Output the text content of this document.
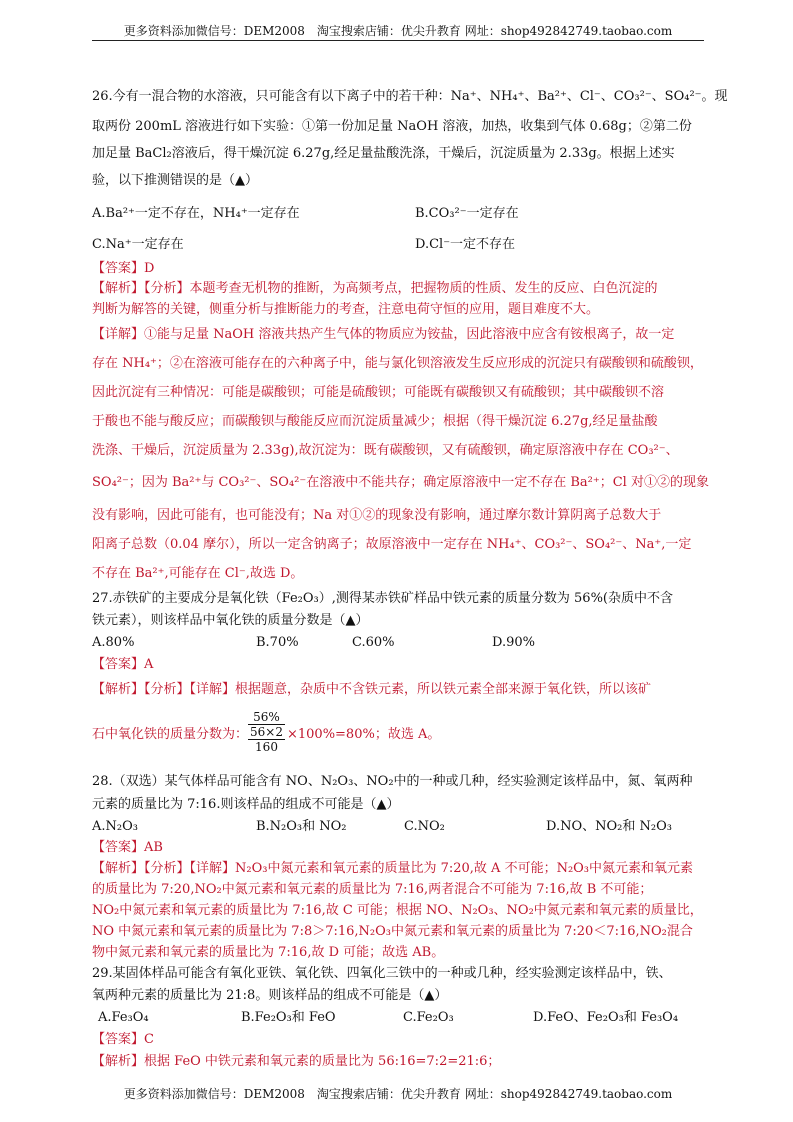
更多资料添加微信号：DEM2008　淘宝搜索店铺：优尖升教育 网址：shop492842749.taobao.com

26.今有一混合物的水溶液，只可能含有以下离子中的若干种：Na⁺、NH₄⁺、Ba²⁺、Cl⁻、CO₃²⁻、SO₄²⁻。现

取两份 200mL 溶液进行如下实验：①第一份加足量 NaOH 溶液，加热，收集到气体 0.68g；②第二份

加足量 BaCl₂溶液后，得干燥沉淀 6.27g,经足量盐酸洗涤，干燥后，沉淀质量为 2.33g。根据上述实

验，以下推测错误的是（▲）

A.Ba²⁺一定不存在，NH₄⁺一定存在	B.CO₃²⁻一定存在
C.Na⁺一定存在	D.Cl⁻一定不存在

【答案】D

【解析】【分析】本题考查无机物的推断，为高频考点，把握物质的性质、发生的反应、白色沉淀的

判断为解答的关键，侧重分析与推断能力的考查，注意电荷守恒的应用，题目难度不大。

【详解】①能与足量 NaOH 溶液共热产生气体的物质应为铵盐，因此溶液中应含有铵根离子，故一定

存在 NH₄⁺；②在溶液可能存在的六种离子中，能与氯化钡溶液发生反应形成的沉淀只有碳酸钡和硫酸钡，

因此沉淀有三种情况：可能是碳酸钡；可能是硫酸钡；可能既有碳酸钡又有硫酸钡；其中碳酸钡不溶

于酸也不能与酸反应；而碳酸钡与酸能反应而沉淀质量减少；根据（得干燥沉淀 6.27g,经足量盐酸

洗涤、干燥后，沉淀质量为 2.33g),故沉淀为：既有碳酸钡，又有硫酸钡，确定原溶液中存在 CO₃²⁻、

SO₄²⁻；因为 Ba²⁺与 CO₃²⁻、SO₄²⁻在溶液中不能共存；确定原溶液中一定不存在 Ba²⁺；Cl 对①②的现象

没有影响，因此可能有，也可能没有；Na 对①②的现象没有影响，通过摩尔数计算阴离子总数大于

阳离子总数（0.04 摩尔），所以一定含钠离子；故原溶液中一定存在 NH₄⁺、CO₃²⁻、SO₄²⁻、Na⁺,一定

不存在 Ba²⁺,可能存在 Cl⁻,故选 D。

27.赤铁矿的主要成分是氧化铁（Fe₂O₃）,测得某赤铁矿样品中铁元素的质量分数为 56%(杂质中不含

铁元素），则该样品中氧化铁的质量分数是（▲）

A.80%	B.70%	C.60%	D.90%

【答案】A

【解析】【分析】【详解】根据题意，杂质中不含铁元素，所以铁元素全部来源于氧化铁，所以该矿

石中氧化铁的质量分数为：
56%
56×2
160
×100%=80%；故选 A。

28.（双选）某气体样品可能含有 NO、N₂O₃、NO₂中的一种或几种，经实验测定该样品中，氮、氧两种

元素的质量比为 7:16.则该样品的组成不可能是（▲）

A.N₂O₃	B.N₂O₃和 NO₂	C.NO₂	D.NO、NO₂和 N₂O₃

【答案】AB

【解析】【分析】【详解】N₂O₃中氮元素和氧元素的质量比为 7:20,故 A 不可能；N₂O₃中氮元素和氧元素

的质量比为 7:20,NO₂中氮元素和氧元素的质量比为 7:16,两者混合不可能为 7:16,故 B 不可能；

NO₂中氮元素和氧元素的质量比为 7:16,故 C 可能；根据 NO、N₂O₃、NO₂中氮元素和氧元素的质量比，

NO 中氮元素和氧元素的质量比为 7:8＞7:16,N₂O₃中氮元素和氧元素的质量比为 7:20＜7:16,NO₂混合

物中氮元素和氧元素的质量比为 7:16,故 D 可能；故选 AB。

29.某固体样品可能含有氧化亚铁、氧化铁、四氧化三铁中的一种或几种，经实验测定该样品中，铁、

氧两种元素的质量比为 21:8。则该样品的组成不可能是（▲）

A.Fe₃O₄	B.Fe₂O₃和 FeO	C.Fe₂O₃	D.FeO、Fe₂O₃和 Fe₃O₄

【答案】C

【解析】根据 FeO 中铁元素和氧元素的质量比为 56:16=7:2=21:6；

更多资料添加微信号：DEM2008　淘宝搜索店铺：优尖升教育 网址：shop492842749.taobao.com
